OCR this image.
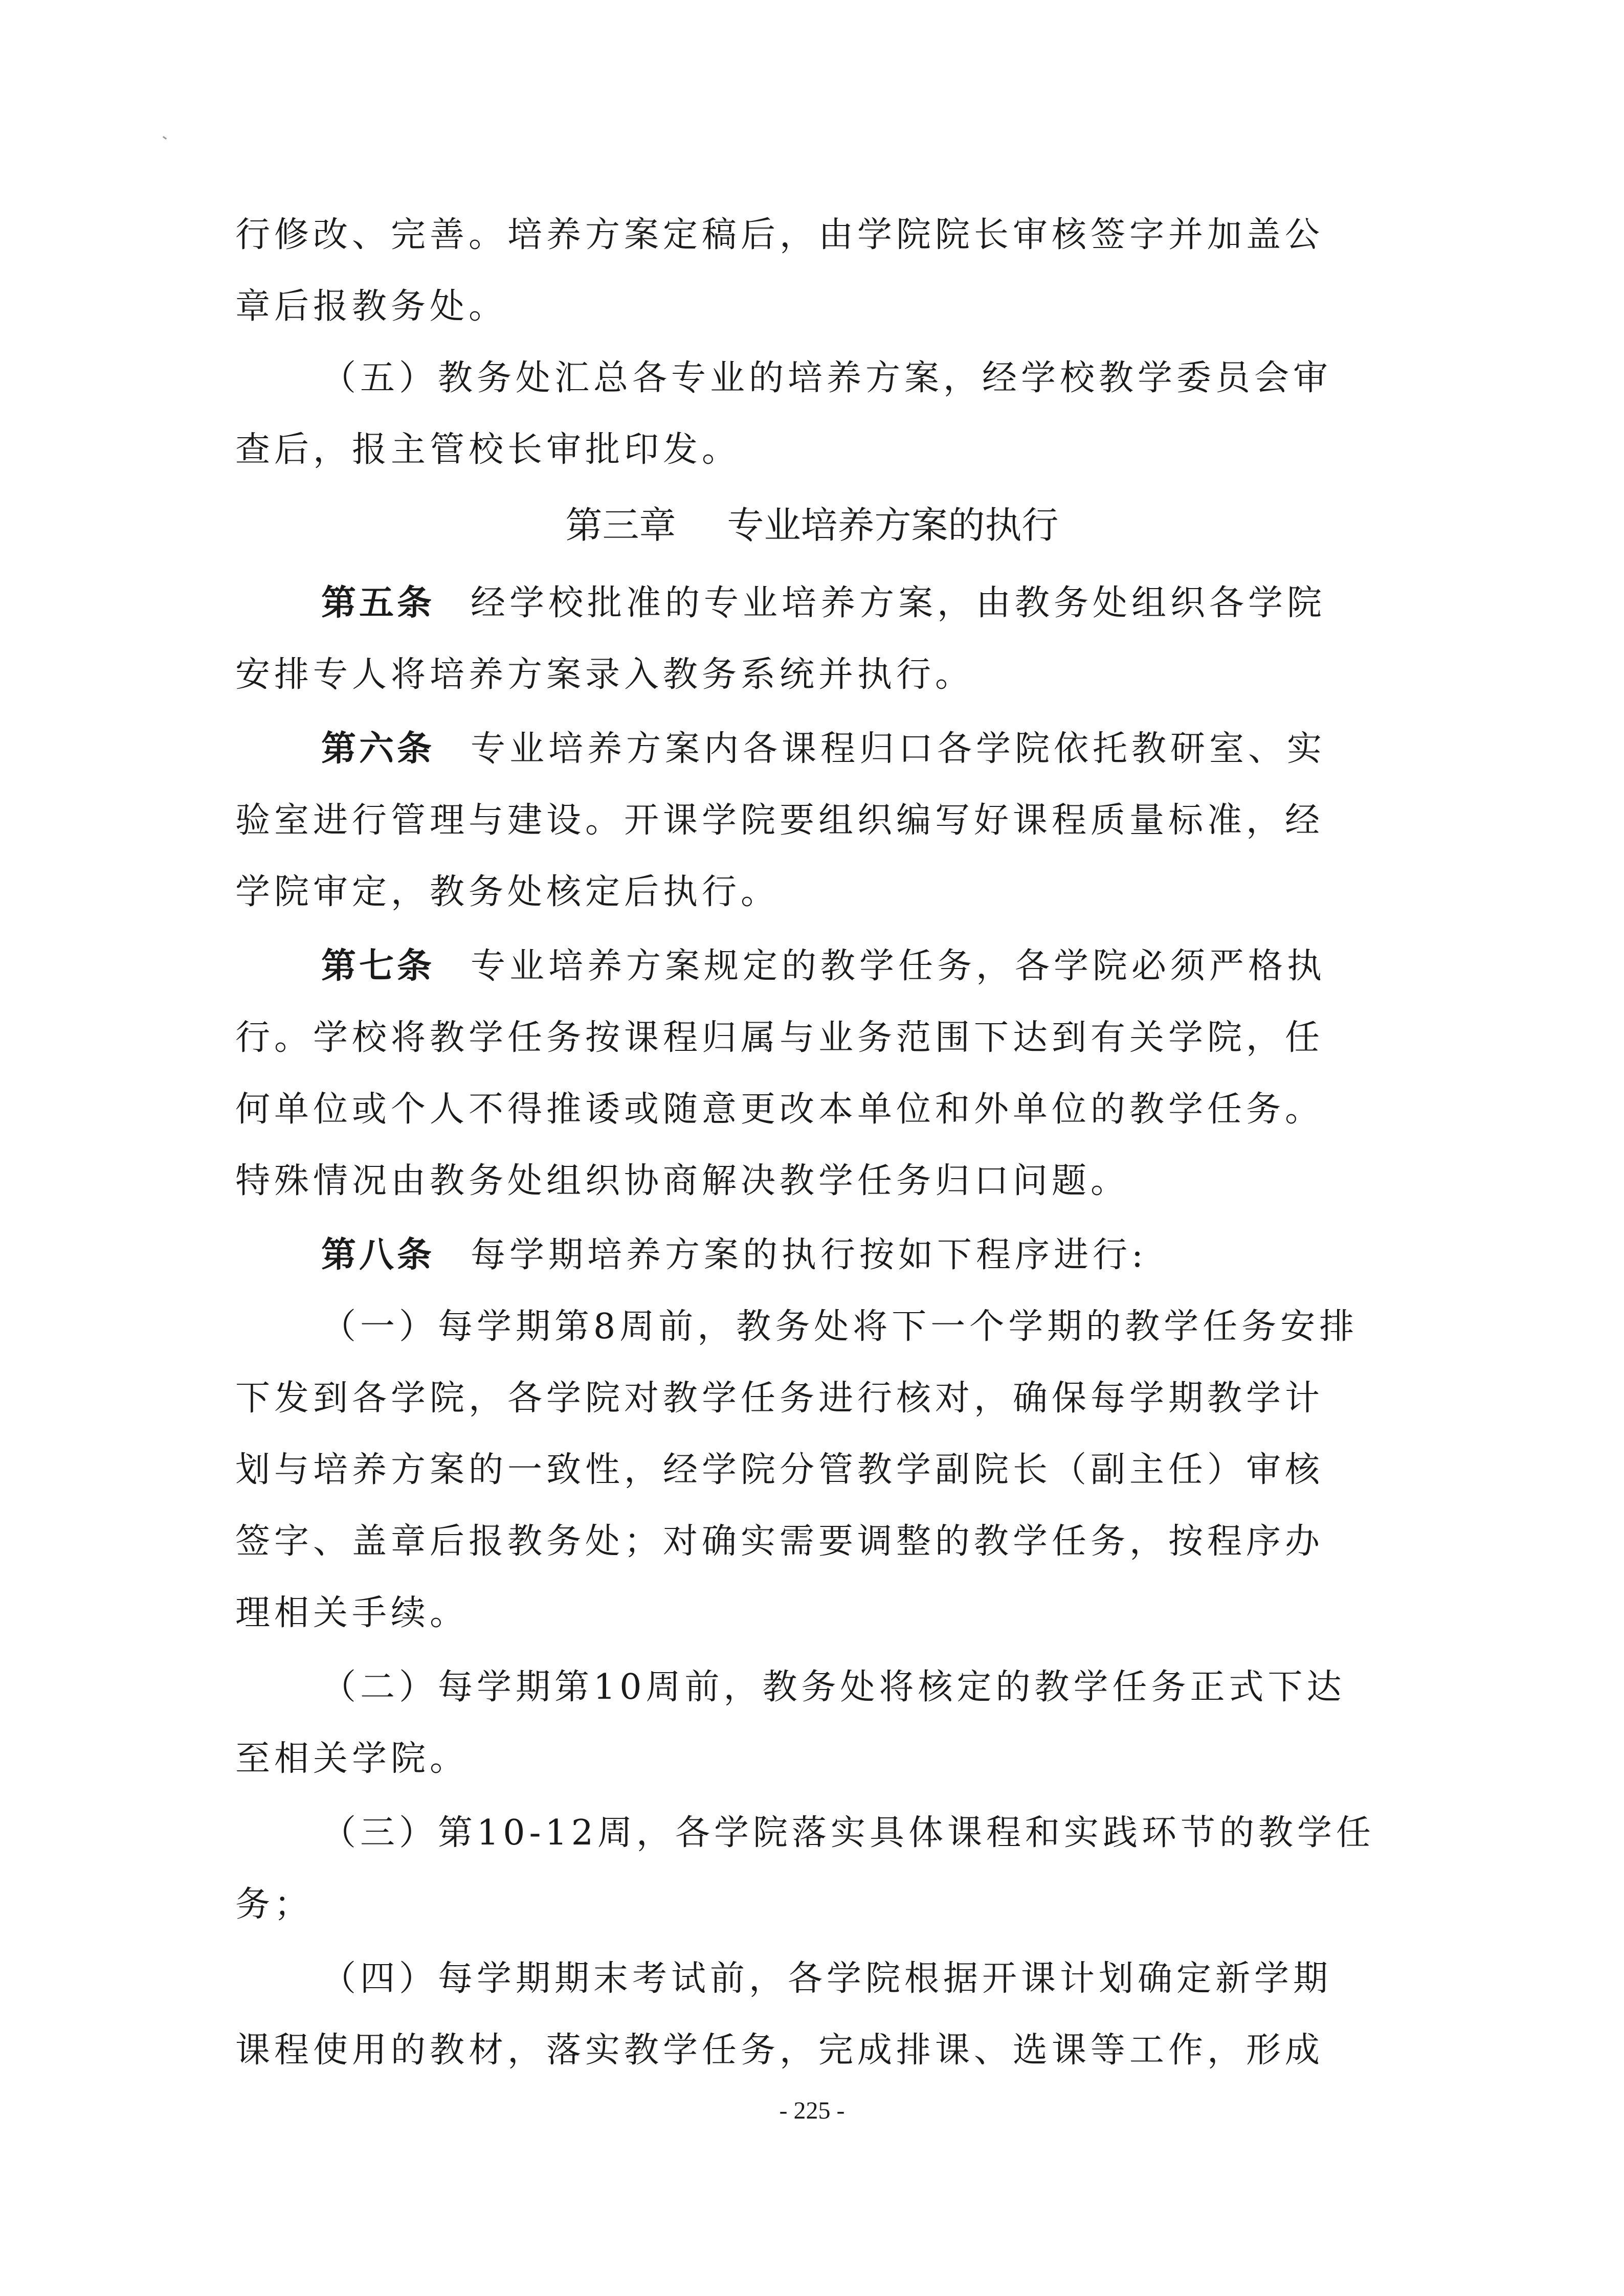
行修改、完善。培养方案定稿后，由学院院长审核签字并加盖公
章后报教务处。
（五）教务处汇总各专业的培养方案，经学校教学委员会审
查后，报主管校长审批印发。
第三章 专业培养方案的执行
第五条 经学校批准的专业培养方案，由教务处组织各学院
安排专人将培养方案录入教务系统并执行。
第六条 专业培养方案内各课程归口各学院依托教研室、实
验室进行管理与建设。开课学院要组织编写好课程质量标准，经
学院审定，教务处核定后执行。
第七条 专业培养方案规定的教学任务，各学院必须严格执
行。学校将教学任务按课程归属与业务范围下达到有关学院，任
何单位或个人不得推诿或随意更改本单位和外单位的教学任务。
特殊情况由教务处组织协商解决教学任务归口问题。
第八条 每学期培养方案的执行按如下程序进行:
（一）每学期第8周前，教务处将下一个学期的教学任务安排
下发到各学院，各学院对教学任务进行核对，确保每学期教学计
划与培养方案的一致性，经学院分管教学副院长（副主任）审核
签字、盖章后报教务处；对确实需要调整的教学任务，按程序办
理相关手续。
（二）每学期第10周前，教务处将核定的教学任务正式下达
至相关学院。
（三）第10-12周，各学院落实具体课程和实践环节的教学任
务；
（四）每学期期末考试前，各学院根据开课计划确定新学期
课程使用的教材，落实教学任务，完成排课、选课等工作，形成
- 225 -
